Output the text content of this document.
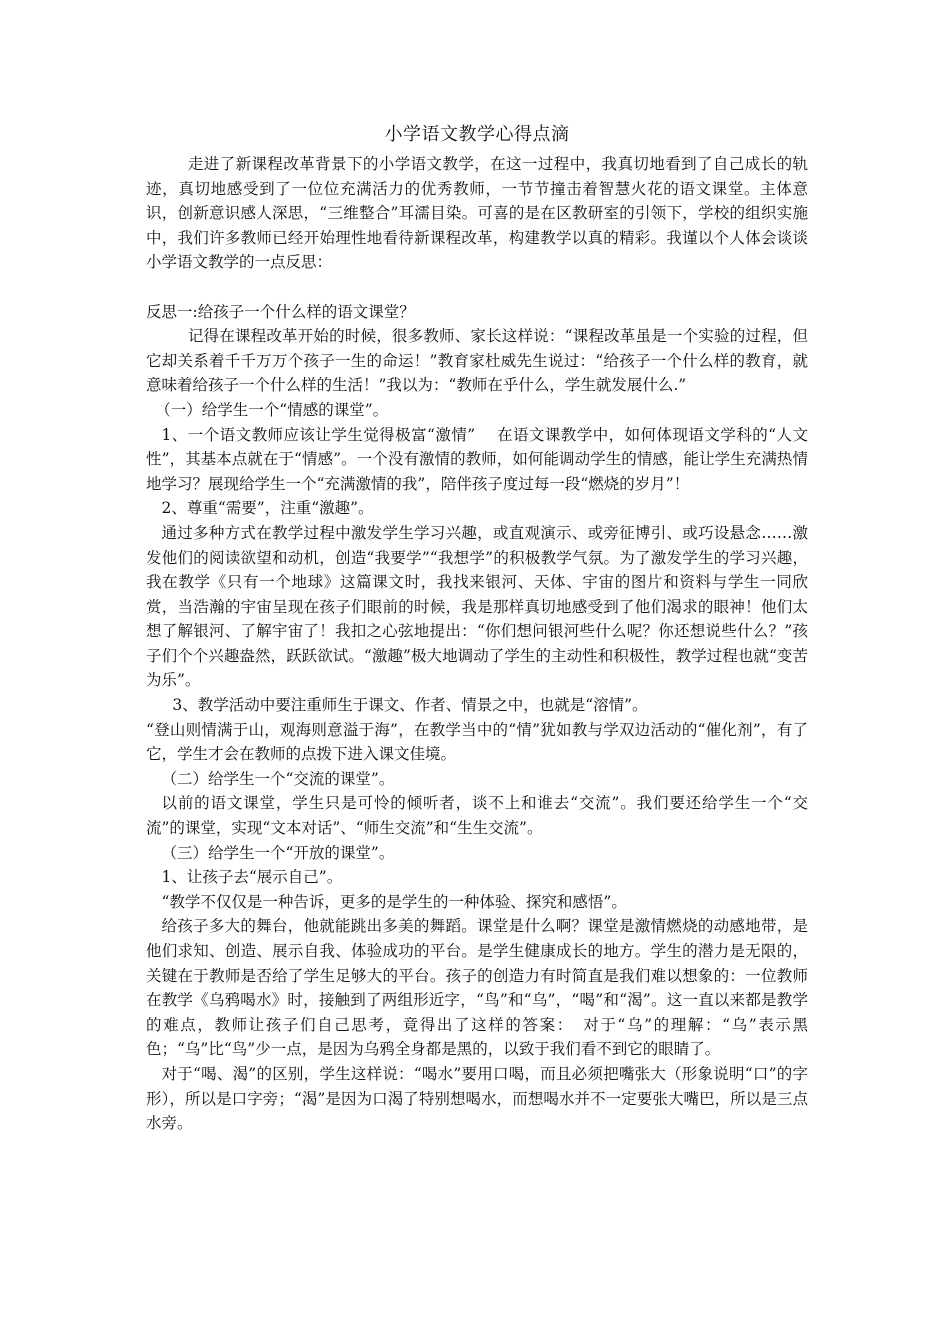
小学语文教学心得点滴

走进了新课程改革背景下的小学语文教学，在这一过程中，我真切地看到了自己成长的轨迹，真切地感受到了一位位充满活力的优秀教师，一节节撞击着智慧火花的语文课堂。主体意识，创新意识感人深思，“三维整合”耳濡目染。可喜的是在区教研室的引领下，学校的组织实施中，我们许多教师已经开始理性地看待新课程改革，构建教学以真的精彩。我谨以个人体会谈谈小学语文教学的一点反思：

反思一:给孩子一个什么样的语文课堂？

记得在课程改革开始的时候，很多教师、家长这样说：“课程改革虽是一个实验的过程，但它却关系着千千万万个孩子一生的命运！”教育家杜威先生说过：“给孩子一个什么样的教育，就意味着给孩子一个什么样的生活！”我以为：“教师在乎什么，学生就发展什么.”

（一）给学生一个“情感的课堂”。

1、一个语文教师应该让学生觉得极富“激情”　 在语文课教学中，如何体现语文学科的“人文性”，其基本点就在于“情感”。一个没有激情的教师，如何能调动学生的情感，能让学生充满热情地学习？展现给学生一个“充满激情的我”，陪伴孩子度过每一段“燃烧的岁月”！

2、尊重“需要”，注重“激趣”。

通过多种方式在教学过程中激发学生学习兴趣，或直观演示、或旁征博引、或巧设悬念……激发他们的阅读欲望和动机，创造“我要学”“我想学”的积极教学气氛。为了激发学生的学习兴趣，我在教学《只有一个地球》这篇课文时，我找来银河、天体、宇宙的图片和资料与学生一同欣赏，当浩瀚的宇宙呈现在孩子们眼前的时候，我是那样真切地感受到了他们渴求的眼神！他们太想了解银河、了解宇宙了！我扣之心弦地提出：“你们想问银河些什么呢？你还想说些什么？”孩子们个个兴趣盎然，跃跃欲试。“激趣”极大地调动了学生的主动性和积极性，教学过程也就“变苦为乐”。

3、教学活动中要注重师生于课文、作者、情景之中，也就是“溶情”。

“登山则情满于山，观海则意溢于海”，在教学当中的“情”犹如教与学双边活动的“催化剂”，有了它，学生才会在教师的点拨下进入课文佳境。

（二）给学生一个“交流的课堂”。

以前的语文课堂，学生只是可怜的倾听者，谈不上和谁去“交流”。我们要还给学生一个“交流”的课堂，实现“文本对话”、“师生交流”和“生生交流”。

（三）给学生一个“开放的课堂”。

1、让孩子去“展示自己”。

“教学不仅仅是一种告诉，更多的是学生的一种体验、探究和感悟”。

给孩子多大的舞台，他就能跳出多美的舞蹈。课堂是什么啊？课堂是激情燃烧的动感地带，是他们求知、创造、展示自我、体验成功的平台。是学生健康成长的地方。学生的潜力是无限的，关键在于教师是否给了学生足够大的平台。孩子的创造力有时简直是我们难以想象的：一位教师在教学《乌鸦喝水》时，接触到了两组形近字，“鸟”和“乌”，“喝”和“渴”。这一直以来都是教学的难点，教师让孩子们自己思考，竟得出了这样的答案：　对于“乌”的理解：“乌”表示黑色；“乌”比“鸟”少一点，是因为乌鸦全身都是黑的，以致于我们看不到它的眼睛了。

对于“喝、渴”的区别，学生这样说：“喝水”要用口喝，而且必须把嘴张大（形象说明“口”的字形），所以是口字旁；“渴”是因为口渴了特别想喝水，而想喝水并不一定要张大嘴巴，所以是三点水旁。
